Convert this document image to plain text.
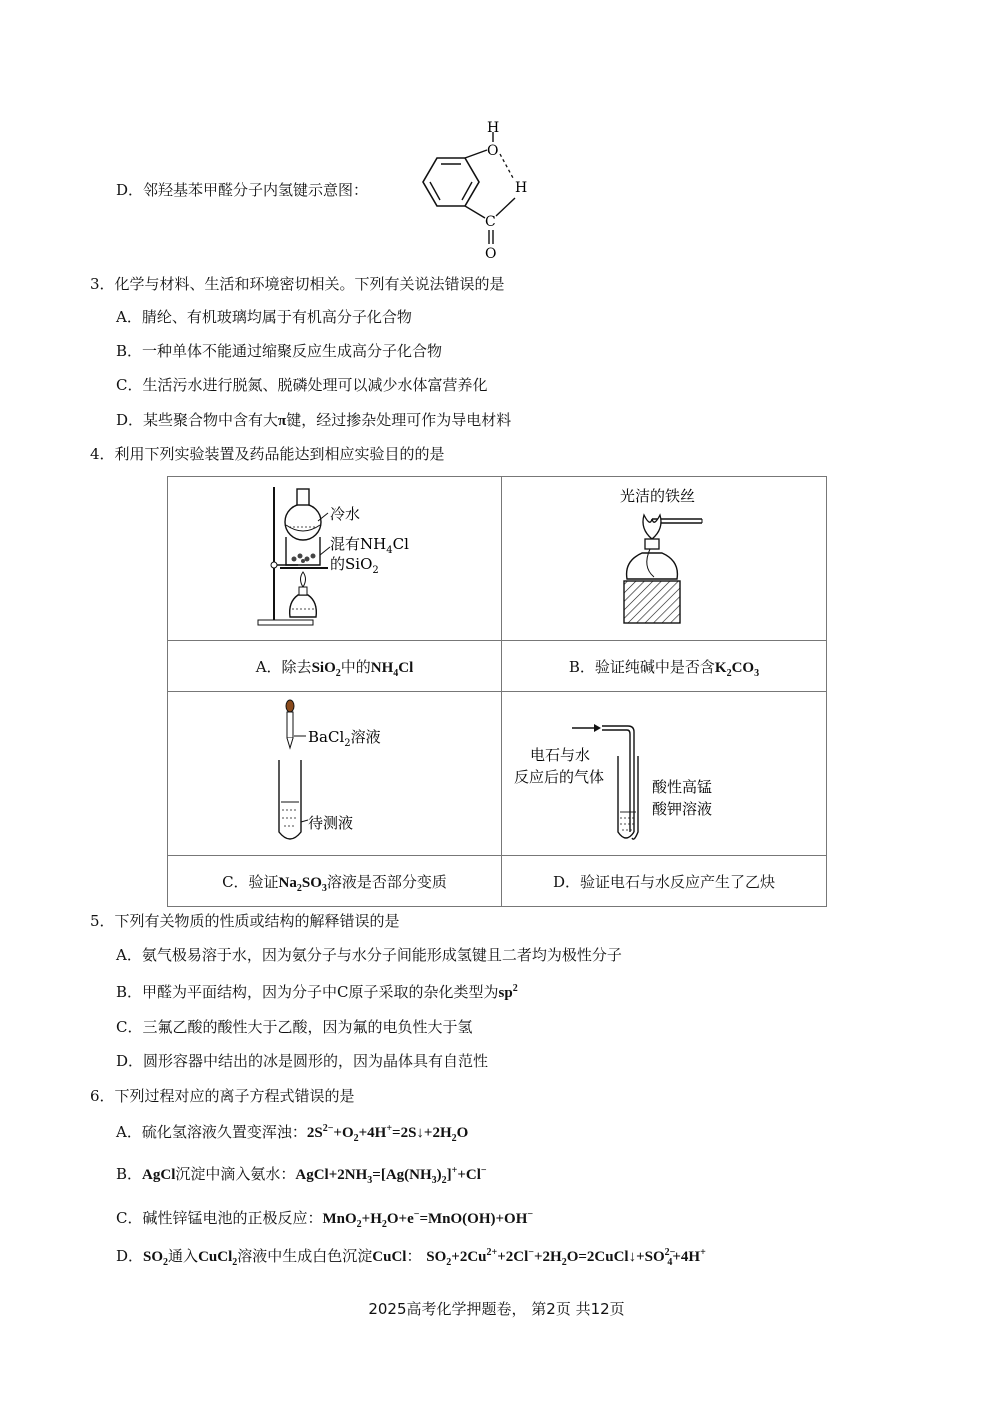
D．邻羟基苯甲醛分子内氢键示意图：
H
O
H
C
O
3．化学与材料、生活和环境密切相关。下列有关说法错误的是
A．腈纶、有机玻璃均属于有机高分子化合物
B．一种单体不能通过缩聚反应生成高分子化合物
C．生活污水进行脱氮、脱磷处理可以减少水体富营养化
D．某些聚合物中含有大π键，经过掺杂处理可作为导电材料
4．利用下列实验装置及药品能达到相应实验目的的是
冷水
混有$NH_4Cl$
的SiO$_2$	光洁的铁丝

A．除去SiO$_2$中的$NH_4Cl$	B．验证纯碱中是否含$K_2CO_3$

BaCl$_2$溶液
待测液	电石与水
反应后的气体
酸性高锰
酸钾溶液

C．验证$Na_2SO_3$溶液是否部分变质	D．验证电石与水反应产生了乙炔
5．下列有关物质的性质或结构的解释错误的是
A．氨气极易溶于水，因为氨分子与水分子间能形成氢键且二者均为极性分子
B．甲醛为平面结构，因为分子中C原子采取的杂化类型为$sp^2$
C．三氟乙酸的酸性大于乙酸，因为氟的电负性大于氢
D．圆形容器中结出的冰是圆形的，因为晶体具有自范性
6．下列过程对应的离子方程式错误的是
A．硫化氢溶液久置变浑浊：$2S^{2-}+O_2+4H^+=2S↓+2H_2O$
B．AgCl沉淀中滴入氨水：$AgCl+2NH_3=[Ag(NH_3)_2]^++Cl^-$
C．碱性锌锰电池的正极反应：$MnO_2+H_2O+e^-=MnO(OH)+OH^-$
D．$SO_2$通入CuCl$_2$溶液中生成白色沉淀CuCl： $SO_2+2Cu^{2+}+2Cl^-+2H_2O=2CuCl↓+SO^{2-}_4+4H^+$
2025高考化学押题卷， 第2页 共12页
